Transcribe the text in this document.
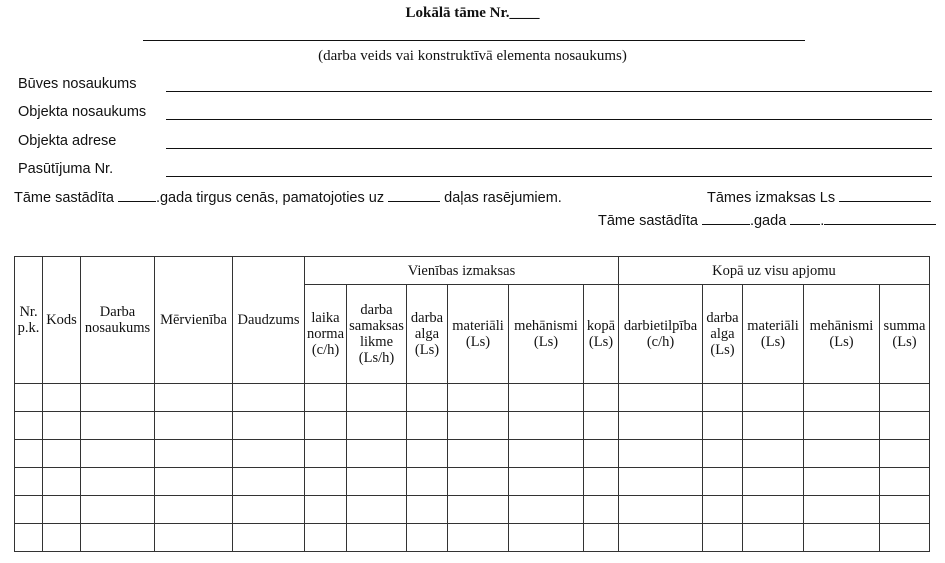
Lokālā tāme Nr.____
(darba veids vai konstruktīvā elementa nosaukums)
Būves nosaukums
Objekta nosaukums
Objekta adrese
Pasūtījuma Nr.
Tāme sastādīta	.gada tirgus cenās, pamatojoties uz	daļas rasējumiem.	Tāmes izmaksas Ls
Tāme sastādīta	.gada .
Nr. p.k.	Kods	Darba nosaukums	Mērvienība	Daudzums	Vienības izmaksas						Kopā uz visu apjomu				
					laika norma (c/h)	darba samaksas likme (Ls/h)	darba alga (Ls)	materiāli (Ls)	mehānismi (Ls)	kopā (Ls)	darbietilpība (c/h)	darba alga (Ls)	materiāli (Ls)	mehānismi (Ls)	summa (Ls)
